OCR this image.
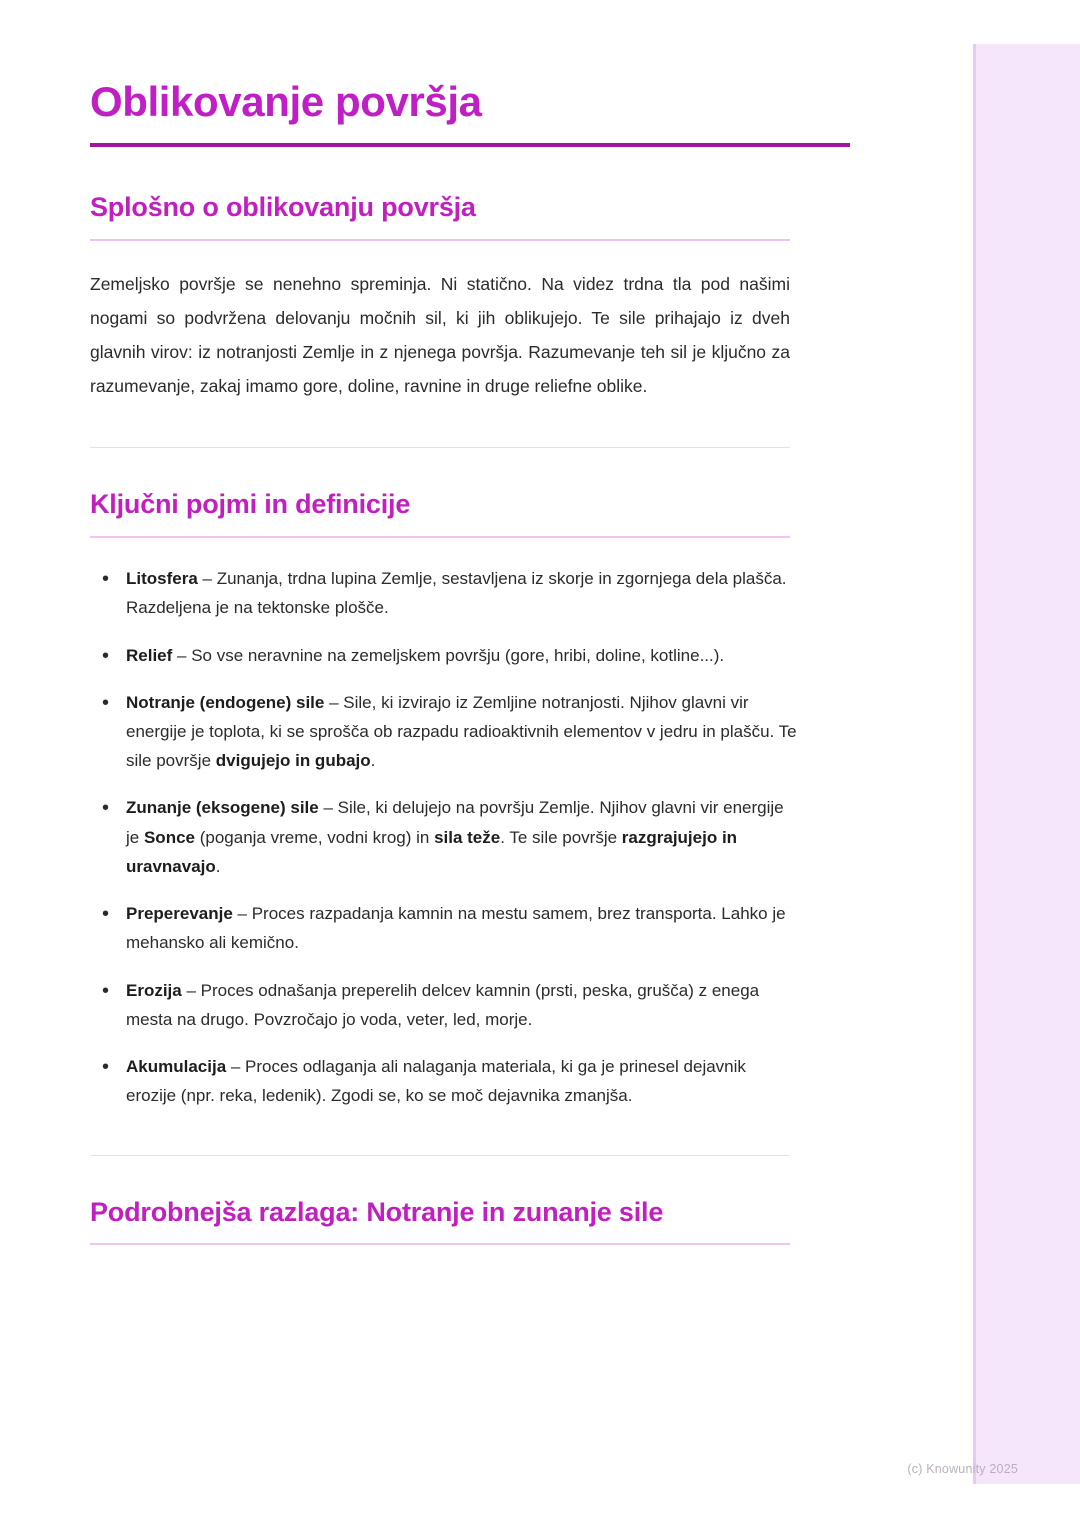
Oblikovanje površja
Splošno o oblikovanju površja

Zemeljsko površje se nenehno spreminja. Ni statično. Na videz trdna tla pod našimi nogami so podvržena delovanju močnih sil, ki jih oblikujejo. Te sile prihajajo iz dveh glavnih virov: iz notranjosti Zemlje in z njenega površja. Razumevanje teh sil je ključno za razumevanje, zakaj imamo gore, doline, ravnine in druge reliefne oblike.

Ključni pojmi in definicije
• Litosfera – Zunanja, trdna lupina Zemlje, sestavljena iz skorje in zgornjega dela plašča. Razdeljena je na tektonske plošče.
• Relief – So vse neravnine na zemeljskem površju (gore, hribi, doline, kotline...).
• Notranje (endogene) sile – Sile, ki izvirajo iz Zemljine notranjosti. Njihov glavni vir energije je toplota, ki se sprošča ob razpadu radioaktivnih elementov v jedru in plašču. Te sile površje dvigujejo in gubajo.
• Zunanje (eksogene) sile – Sile, ki delujejo na površju Zemlje. Njihov glavni vir energije je Sonce (poganja vreme, vodni krog) in sila teže. Te sile površje razgrajujejo in uravnavajo.
• Preperevanje – Proces razpadanja kamnin na mestu samem, brez transporta. Lahko je mehansko ali kemično.
• Erozija – Proces odnašanja preperelih delcev kamnin (prsti, peska, grušča) z enega mesta na drugo. Povzročajo jo voda, veter, led, morje.
• Akumulacija – Proces odlaganja ali nalaganja materiala, ki ga je prinesel dejavnik erozije (npr. reka, ledenik). Zgodi se, ko se moč dejavnika zmanjša.
Podrobnejša razlaga: Notranje in zunanje sile
(c) Knowunity 2025
